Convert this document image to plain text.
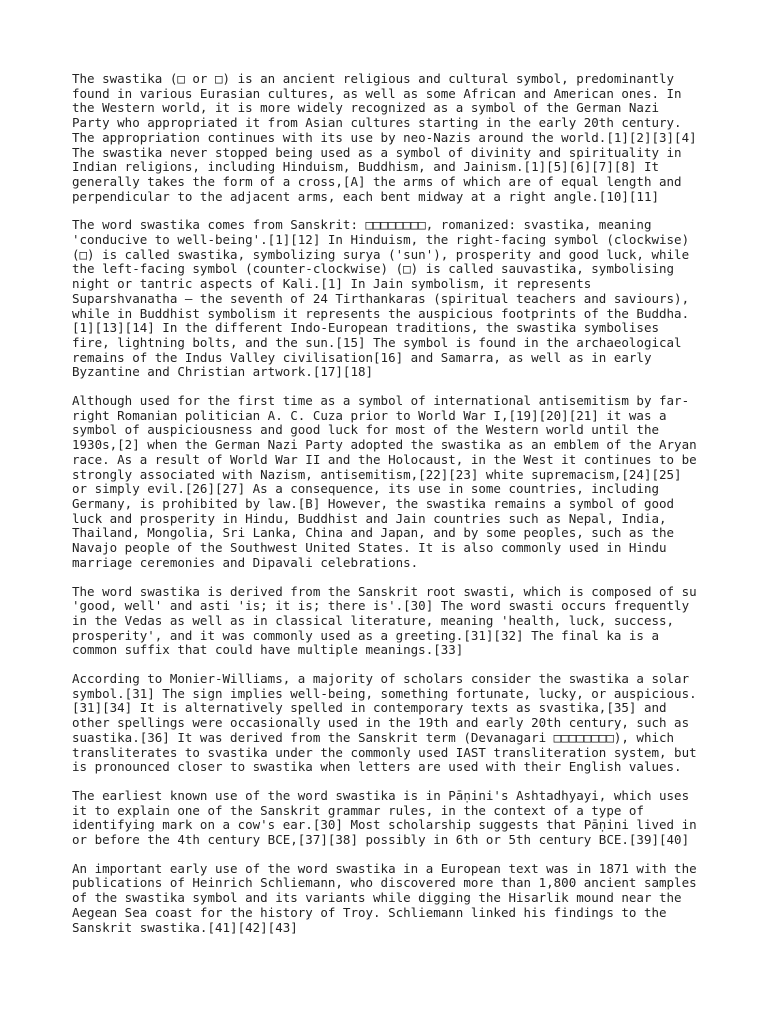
The swastika (□ or □) is an ancient religious and cultural symbol, predominantly
found in various Eurasian cultures, as well as some African and American ones. In
the Western world, it is more widely recognized as a symbol of the German Nazi
Party who appropriated it from Asian cultures starting in the early 20th century.
The appropriation continues with its use by neo-Nazis around the world.[1][2][3][4]
The swastika never stopped being used as a symbol of divinity and spirituality in
Indian religions, including Hinduism, Buddhism, and Jainism.[1][5][6][7][8] It
generally takes the form of a cross,[A] the arms of which are of equal length and
perpendicular to the adjacent arms, each bent midway at a right angle.[10][11]

The word swastika comes from Sanskrit: □□□□□□□□, romanized: svastika, meaning
'conducive to well-being'.[1][12] In Hinduism, the right-facing symbol (clockwise)
(□) is called swastika, symbolizing surya ('sun'), prosperity and good luck, while
the left-facing symbol (counter-clockwise) (□) is called sauvastika, symbolising
night or tantric aspects of Kali.[1] In Jain symbolism, it represents
Suparshvanatha – the seventh of 24 Tirthankaras (spiritual teachers and saviours),
while in Buddhist symbolism it represents the auspicious footprints of the Buddha.
[1][13][14] In the different Indo-European traditions, the swastika symbolises
fire, lightning bolts, and the sun.[15] The symbol is found in the archaeological
remains of the Indus Valley civilisation[16] and Samarra, as well as in early
Byzantine and Christian artwork.[17][18]

Although used for the first time as a symbol of international antisemitism by far-
right Romanian politician A. C. Cuza prior to World War I,[19][20][21] it was a
symbol of auspiciousness and good luck for most of the Western world until the
1930s,[2] when the German Nazi Party adopted the swastika as an emblem of the Aryan
race. As a result of World War II and the Holocaust, in the West it continues to be
strongly associated with Nazism, antisemitism,[22][23] white supremacism,[24][25]
or simply evil.[26][27] As a consequence, its use in some countries, including
Germany, is prohibited by law.[B] However, the swastika remains a symbol of good
luck and prosperity in Hindu, Buddhist and Jain countries such as Nepal, India,
Thailand, Mongolia, Sri Lanka, China and Japan, and by some peoples, such as the
Navajo people of the Southwest United States. It is also commonly used in Hindu
marriage ceremonies and Dipavali celebrations.

The word swastika is derived from the Sanskrit root swasti, which is composed of su
'good, well' and asti 'is; it is; there is'.[30] The word swasti occurs frequently
in the Vedas as well as in classical literature, meaning 'health, luck, success,
prosperity', and it was commonly used as a greeting.[31][32] The final ka is a
common suffix that could have multiple meanings.[33]

According to Monier-Williams, a majority of scholars consider the swastika a solar
symbol.[31] The sign implies well-being, something fortunate, lucky, or auspicious.
[31][34] It is alternatively spelled in contemporary texts as svastika,[35] and
other spellings were occasionally used in the 19th and early 20th century, such as
suastika.[36] It was derived from the Sanskrit term (Devanagari □□□□□□□□), which
transliterates to svastika under the commonly used IAST transliteration system, but
is pronounced closer to swastika when letters are used with their English values.

The earliest known use of the word swastika is in Pāṇini's Ashtadhyayi, which uses
it to explain one of the Sanskrit grammar rules, in the context of a type of
identifying mark on a cow's ear.[30] Most scholarship suggests that Pāṇini lived in
or before the 4th century BCE,[37][38] possibly in 6th or 5th century BCE.[39][40]

An important early use of the word swastika in a European text was in 1871 with the
publications of Heinrich Schliemann, who discovered more than 1,800 ancient samples
of the swastika symbol and its variants while digging the Hisarlik mound near the
Aegean Sea coast for the history of Troy. Schliemann linked his findings to the
Sanskrit swastika.[41][42][43]
